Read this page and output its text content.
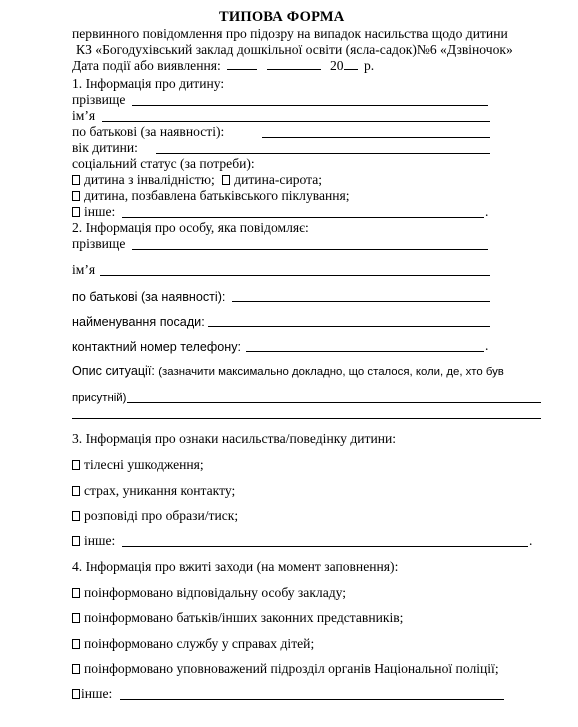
ТИПОВА ФОРМА
первинного повідомлення про підозру на випадок насильства щодо дитини
КЗ «Богодухівський заклад дошкільної освіти (ясла-садок)№6 «Дзвіночок»
Дата події або виявлення:	20 р.
1. Інформація про дитину:
прізвище
ім’я
по батькові (за наявності):
вік дитини:
соціальний статус (за потреби):
дитина з інвалідністю; дитина-сирота;
дитина, позбавлена батьківського піклування;
інше:	.
2. Інформація про особу, яка повідомляє:
прізвище
ім’я
по батькові (за наявності):
найменування посади:
контактний номер телефону:	.
Опис ситуації: (зазначити максимально докладно, що сталося, коли, де, хто був
присутній)
3. Інформація про ознаки насильства/поведінку дитини:
тілесні ушкодження;
страх, уникання контакту;
розповіді про образи/тиск;
інше:	.
4. Інформація про вжиті заходи (на момент заповнення):
поінформовано відповідальну особу закладу;
поінформовано батьків/інших законних представників;
поінформовано службу у справах дітей;
поінформовано уповноважений підрозділ органів Національної поліції;
інше:
